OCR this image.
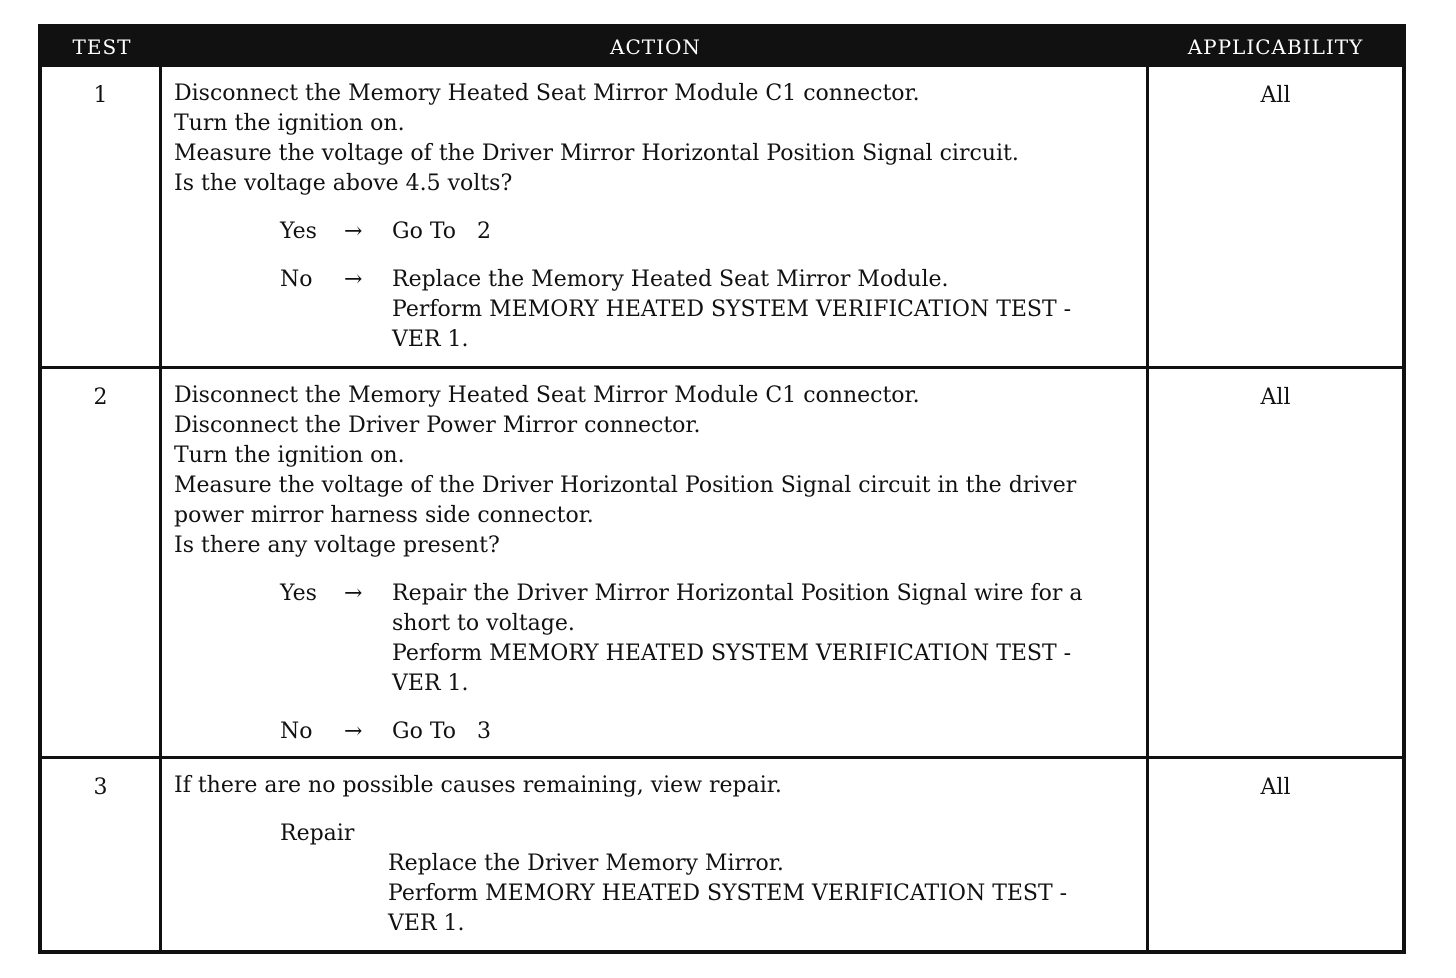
TEST	ACTION	APPLICABILITY
1	Disconnect the Memory Heated Seat Mirror Module C1 connector.
Turn the ignition on.
Measure the voltage of the Driver Mirror Horizontal Position Signal circuit.
Is the voltage above 4.5 volts?
Yes → Go To   2
No → Replace the Memory Heated Seat Mirror Module.
Perform MEMORY HEATED SYSTEM VERIFICATION TEST -
VER 1.
All
2	Disconnect the Memory Heated Seat Mirror Module C1 connector.
Disconnect the Driver Power Mirror connector.
Turn the ignition on.
Measure the voltage of the Driver Horizontal Position Signal circuit in the driver
power mirror harness side connector.
Is there any voltage present?
Yes → Repair the Driver Mirror Horizontal Position Signal wire for a
short to voltage.
Perform MEMORY HEATED SYSTEM VERIFICATION TEST -
VER 1.
No → Go To   3
All
3	If there are no possible causes remaining, view repair.
Repair
Replace the Driver Memory Mirror.
Perform MEMORY HEATED SYSTEM VERIFICATION TEST -
VER 1.
All
